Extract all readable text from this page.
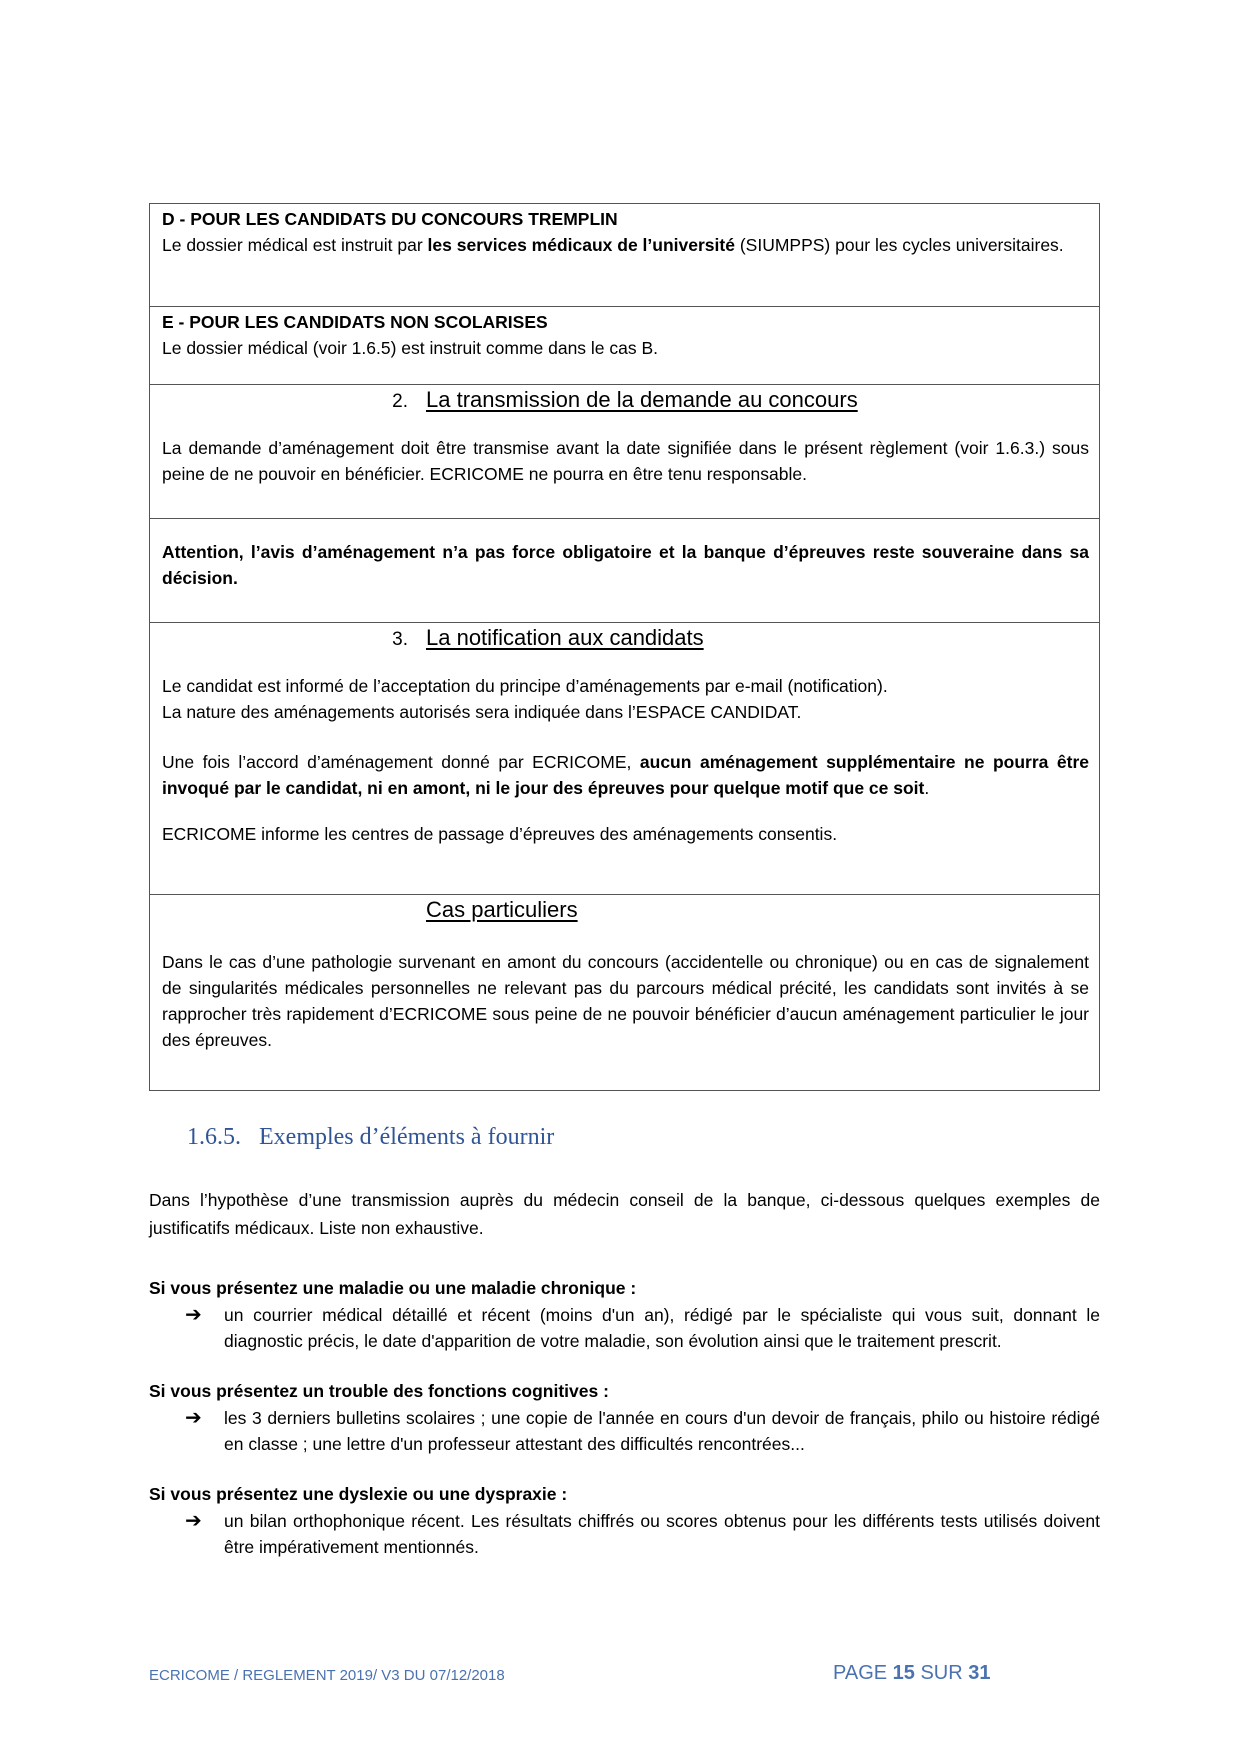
D - POUR LES CANDIDATS DU CONCOURS TREMPLIN
Le dossier médical est instruit par les services médicaux de l’université (SIUMPPS) pour les cycles universitaires.
E - POUR LES CANDIDATS NON SCOLARISES
Le dossier médical (voir 1.6.5) est instruit comme dans le cas B.
2. La transmission de la demande au concours
La demande d’aménagement doit être transmise avant la date signifiée dans le présent règlement (voir 1.6.3.) sous peine de ne pouvoir en bénéficier. ECRICOME ne pourra en être tenu responsable.
Attention, l’avis d’aménagement n’a pas force obligatoire et la banque d’épreuves reste souveraine dans sa décision.
3. La notification aux candidats
Le candidat est informé de l’acceptation du principe d’aménagements par e-mail (notification).
La nature des aménagements autorisés sera indiquée dans l’ESPACE CANDIDAT.
Une fois l’accord d’aménagement donné par ECRICOME, aucun aménagement supplémentaire ne pourra être invoqué par le candidat, ni en amont, ni le jour des épreuves pour quelque motif que ce soit.
ECRICOME informe les centres de passage d’épreuves des aménagements consentis.
Cas particuliers
Dans le cas d’une pathologie survenant en amont du concours (accidentelle ou chronique) ou en cas de signalement de singularités médicales personnelles ne relevant pas du parcours médical précité, les candidats sont invités à se rapprocher très rapidement d’ECRICOME sous peine de ne pouvoir bénéficier d’aucun aménagement particulier le jour des épreuves.
1.6.5. Exemples d’éléments à fournir
Dans l’hypothèse d’une transmission auprès du médecin conseil de la banque, ci-dessous quelques exemples de justificatifs médicaux. Liste non exhaustive.
Si vous présentez une maladie ou une maladie chronique :
➔ un courrier médical détaillé et récent (moins d'un an), rédigé par le spécialiste qui vous suit, donnant le diagnostic précis, le date d'apparition de votre maladie, son évolution ainsi que le traitement prescrit.
Si vous présentez un trouble des fonctions cognitives :
➔ les 3 derniers bulletins scolaires ; une copie de l'année en cours d'un devoir de français, philo ou histoire rédigé en classe ; une lettre d'un professeur attestant des difficultés rencontrées...
Si vous présentez une dyslexie ou une dyspraxie :
➔ un bilan orthophonique récent. Les résultats chiffrés ou scores obtenus pour les différents tests utilisés doivent être impérativement mentionnés.
ECRICOME / REGLEMENT 2019/ V3 DU 07/12/2018	PAGE 15 SUR 31
